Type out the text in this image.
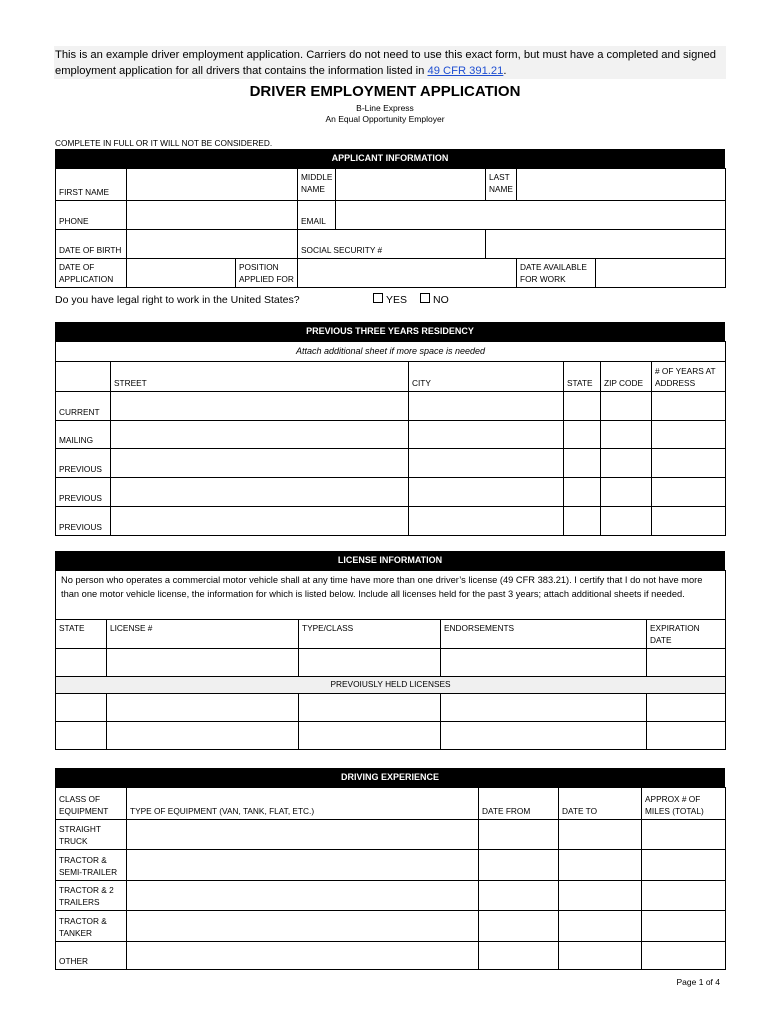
This is an example driver employment application. Carriers do not need to use this exact form, but must have a completed and signed employment application for all drivers that contains the information listed in 49 CFR 391.21.
DRIVER EMPLOYMENT APPLICATION
B-Line Express
An Equal Opportunity Employer
COMPLETE IN FULL OR IT WILL NOT BE CONSIDERED.
APPLICANT INFORMATION
FIRST NAME			MIDDLE NAME		LAST NAME		
PHONE			EMAIL				
DATE OF BIRTH			SOCIAL SECURITY #				
DATE OF APPLICATION		POSITION APPLIED FOR				DATE AVAILABLE FOR WORK	
Do you have legal right to work in the United States?	YES	NO
PREVIOUS THREE YEARS RESIDENCY
Attach additional sheet if more space is needed					
	STREET	CITY	STATE	ZIP CODE	# OF YEARS AT ADDRESS
CURRENT					
MAILING					
PREVIOUS					
PREVIOUS					
PREVIOUS					
LICENSE INFORMATION
No person who operates a commercial motor vehicle shall at any time have more than one driver’s license (49 CFR 383.21). I certify that I do not have more than one motor vehicle license, the information for which is listed below. Include all licenses held for the past 3 years; attach additional sheets if needed.				
STATE	LICENSE #	TYPE/CLASS	ENDORSEMENTS	EXPIRATION DATE

PREVOIUSLY HELD LICENSES				

DRIVING EXPERIENCE
CLASS OF EQUIPMENT	TYPE OF EQUIPMENT (VAN, TANK, FLAT, ETC.)	DATE FROM	DATE TO	APPROX # OF MILES (TOTAL)
STRAIGHT TRUCK				
TRACTOR & SEMI-TRAILER				
TRACTOR & 2 TRAILERS				
TRACTOR & TANKER				
OTHER				
Page 1 of 4
